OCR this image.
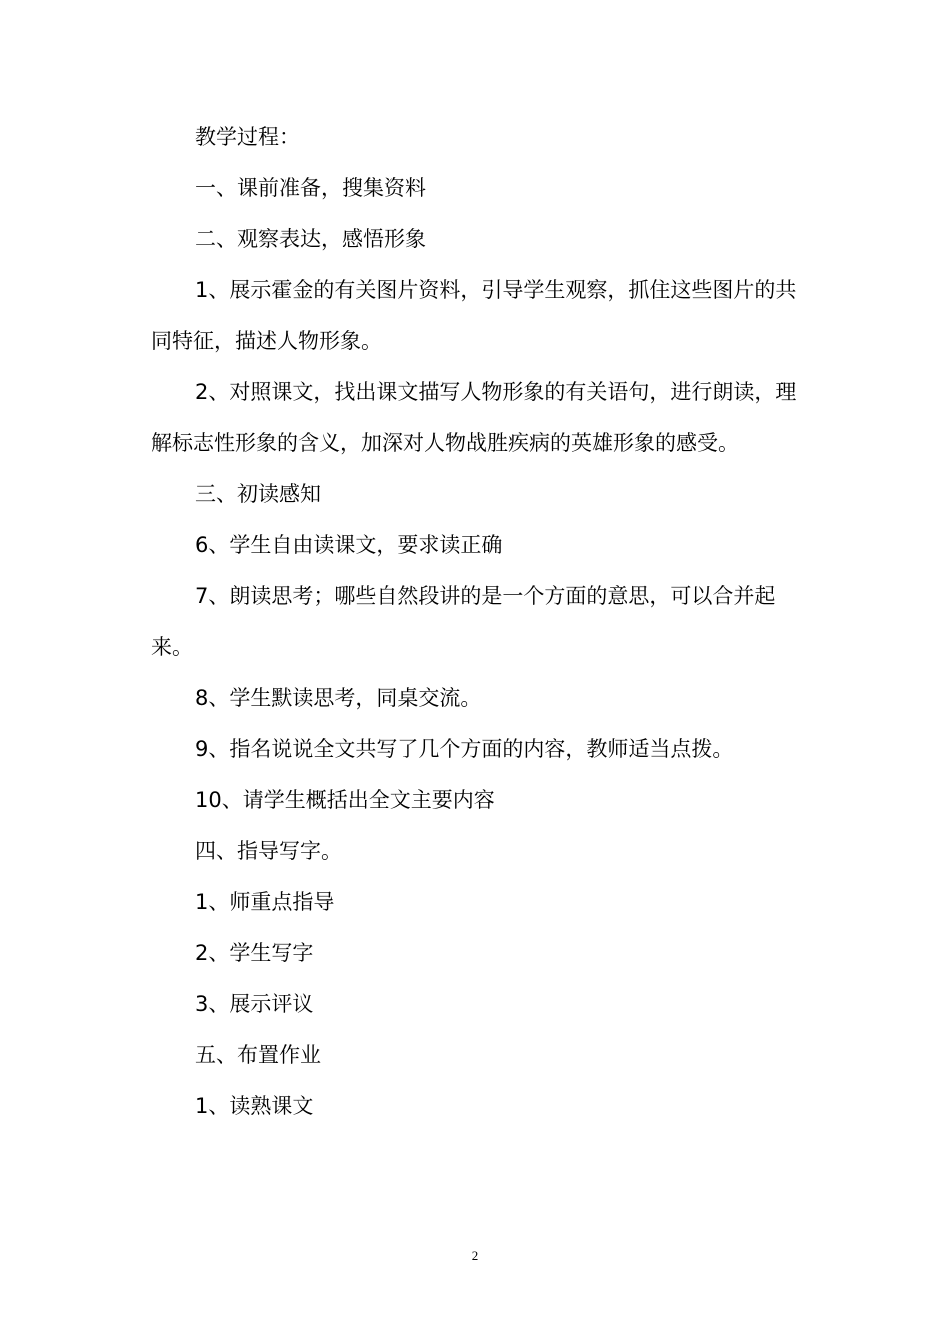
教学过程：

一、课前准备，搜集资料

二、观察表达，感悟形象

1、展示霍金的有关图片资料，引导学生观察，抓住这些图片的共同特征，描述人物形象。

2、对照课文，找出课文描写人物形象的有关语句，进行朗读，理解标志性形象的含义，加深对人物战胜疾病的英雄形象的感受。

三、初读感知

6、学生自由读课文，要求读正确

7、朗读思考；哪些自然段讲的是一个方面的意思，可以合并起来。

8、学生默读思考，同桌交流。

9、指名说说全文共写了几个方面的内容，教师适当点拨。

10、请学生概括出全文主要内容

四、指导写字。

1、师重点指导

2、学生写字

3、展示评议

五、布置作业

1、读熟课文

2
